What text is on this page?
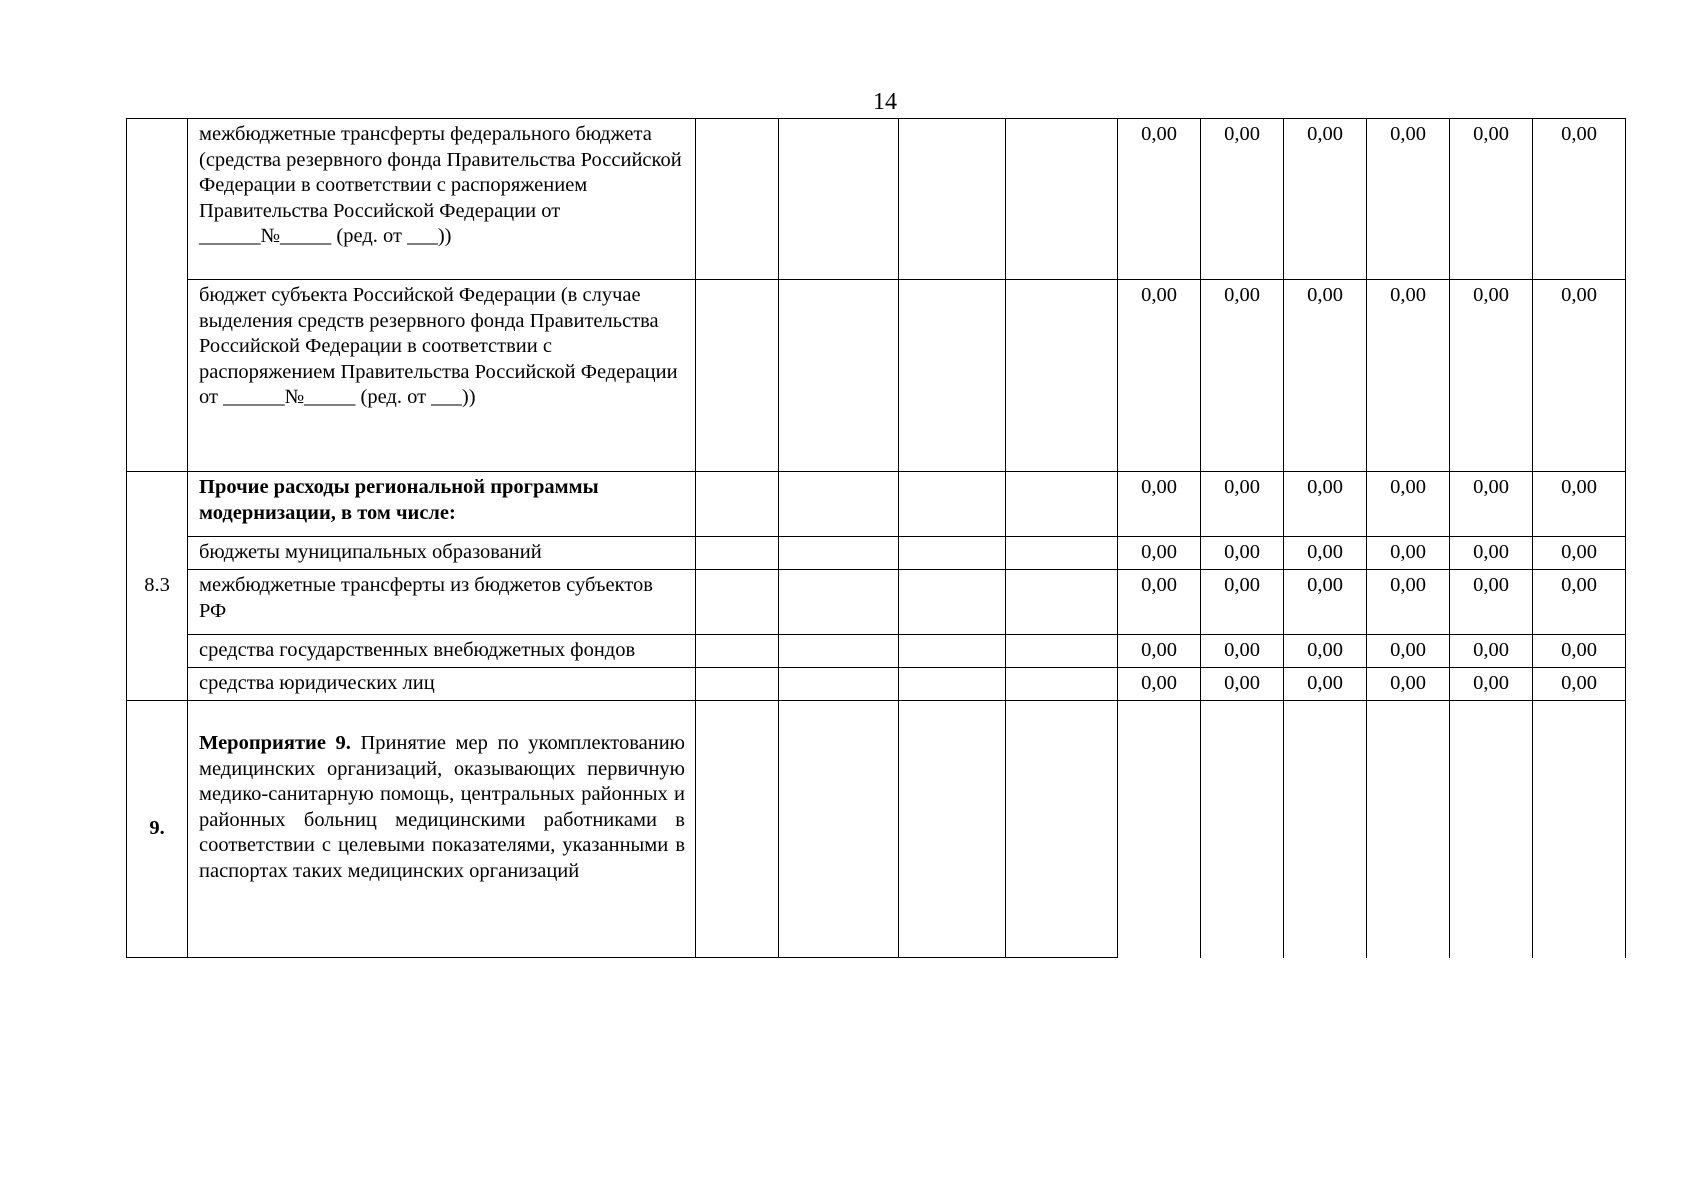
14
	межбюджетные трансферты федерального бюджета (средства резервного фонда Правительства Российской Федерации в соответствии с распоряжением Правительства Российской Федерации от ______№_____ (ред. от ___))					0,00	0,00	0,00	0,00	0,00	0,00
	бюджет субъекта Российской Федерации (в случае выделения средств резервного фонда Правительства Российской Федерации в соответствии с распоряжением Правительства Российской Федерации от ______№_____ (ред. от ___))					0,00	0,00	0,00	0,00	0,00	0,00
8.3	Прочие расходы региональной программы модернизации, в том числе:					0,00	0,00	0,00	0,00	0,00	0,00
	бюджеты муниципальных образований					0,00	0,00	0,00	0,00	0,00	0,00
	межбюджетные трансферты из бюджетов субъектов РФ					0,00	0,00	0,00	0,00	0,00	0,00
	средства государственных внебюджетных фондов					0,00	0,00	0,00	0,00	0,00	0,00
	средства юридических лиц					0,00	0,00	0,00	0,00	0,00	0,00
9.	Мероприятие 9. Принятие мер по укомплектованию медицинских организаций, оказывающих первичную медико-санитарную помощь, центральных районных и районных больниц медицинскими работниками в соответствии с целевыми показателями, указанными в паспортах таких медицинских организаций										
